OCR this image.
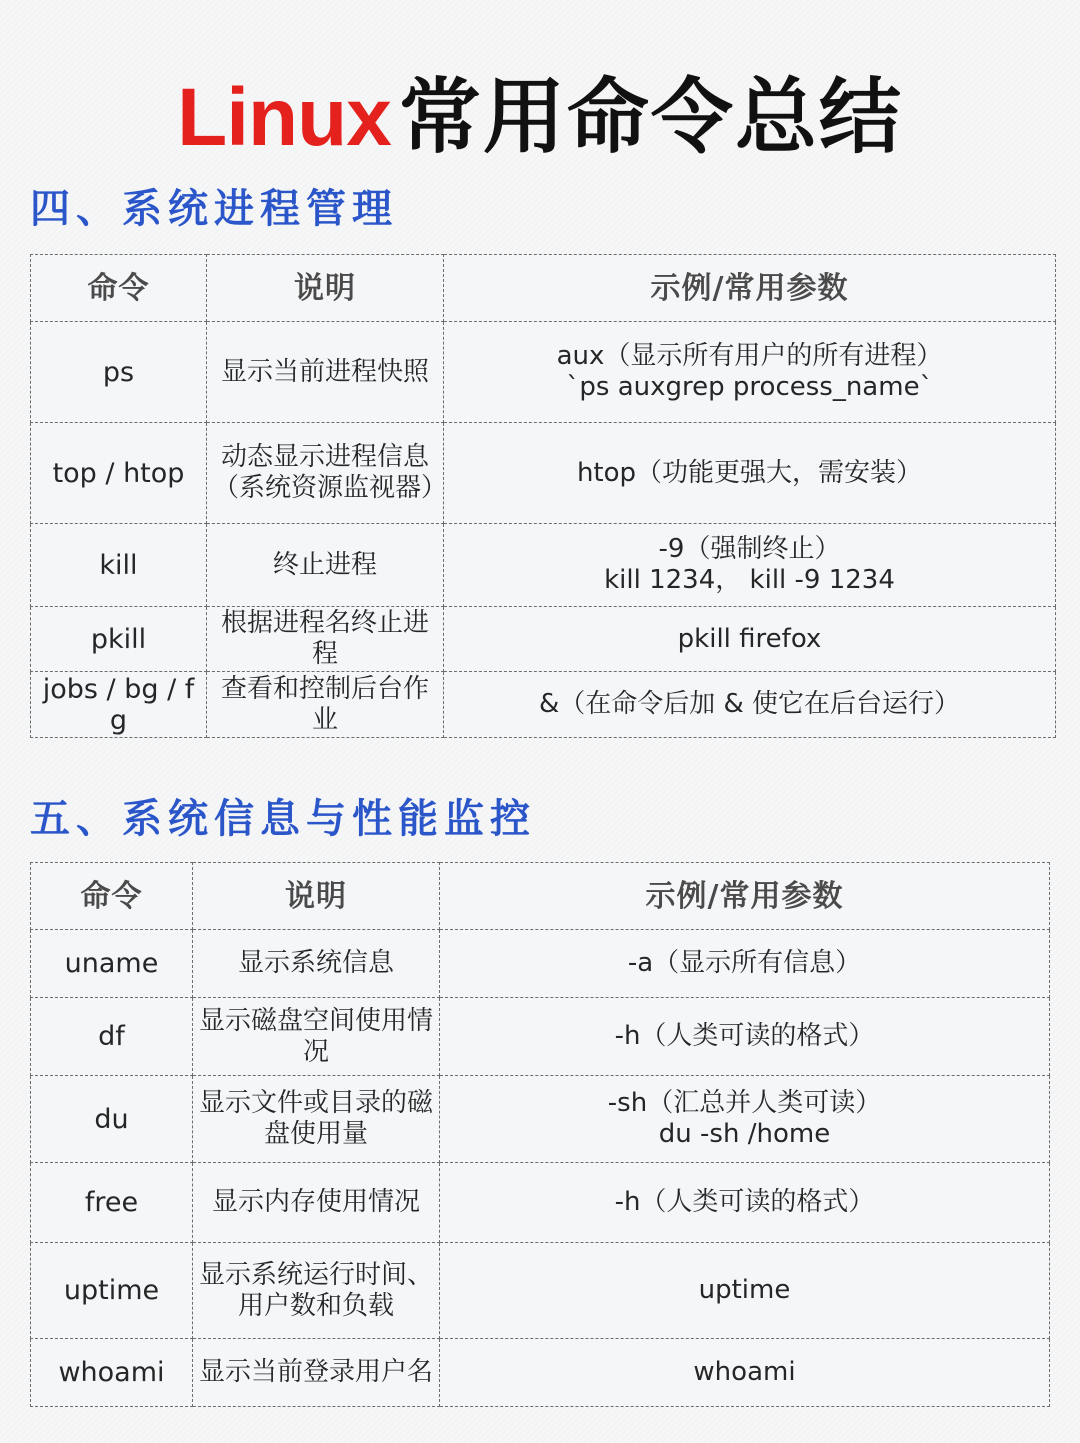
Linux常用命令总结
四、系统进程管理
命令	说明	示例/常用参数
ps	显示当前进程快照	aux（显示所有用户的所有进程）
`ps auxgrep process_name`

top / htop	动态显示进程信息（系统资源监视器）	htop（功能更强大，需安装）

kill	终止进程	-9（强制终止）
kill 1234， kill -9 1234

pkill	根据进程名终止进程	pkill firefox

jobs / bg / fg	查看和控制后台作业	&（在命令后加 & 使它在后台运行）
五、系统信息与性能监控
命令	说明	示例/常用参数
uname	显示系统信息	-a（显示所有信息）

df	显示磁盘空间使用情况	-h（人类可读的格式）

du	显示文件或目录的磁盘使用量	-sh（汇总并人类可读）
du -sh /home

free	显示内存使用情况	-h（人类可读的格式）

uptime	显示系统运行时间、用户数和负载	uptime

whoami	显示当前登录用户名	whoami
